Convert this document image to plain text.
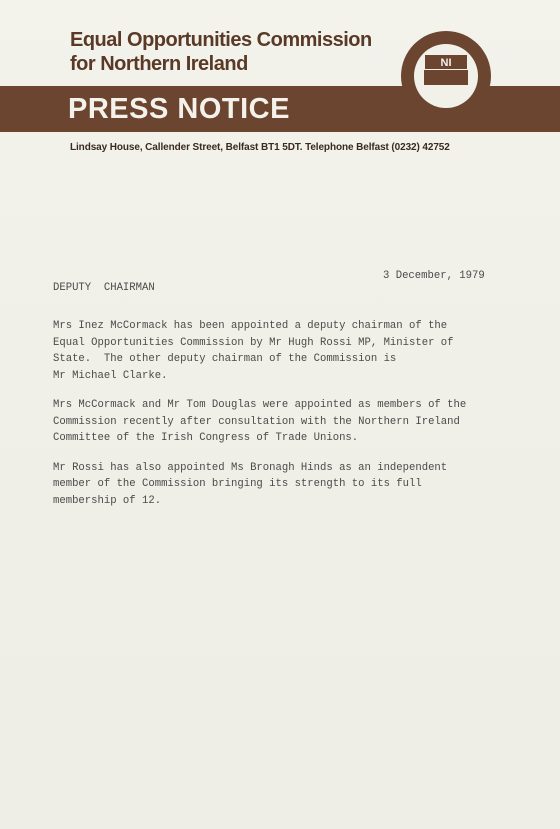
Equal Opportunities Commission
for Northern Ireland
PRESS NOTICE
NI
Lindsay House, Callender Street, Belfast BT1 5DT. Telephone Belfast (0232) 42752
3 December, 1979
DEPUTY  CHAIRMAN

Mrs Inez McCormack has been appointed a deputy chairman of the
Equal Opportunities Commission by Mr Hugh Rossi MP, Minister of
State.  The other deputy chairman of the Commission is
Mr Michael Clarke.

Mrs McCormack and Mr Tom Douglas were appointed as members of the
Commission recently after consultation with the Northern Ireland
Committee of the Irish Congress of Trade Unions.

Mr Rossi has also appointed Ms Bronagh Hinds as an independent
member of the Commission bringing its strength to its full
membership of 12.
